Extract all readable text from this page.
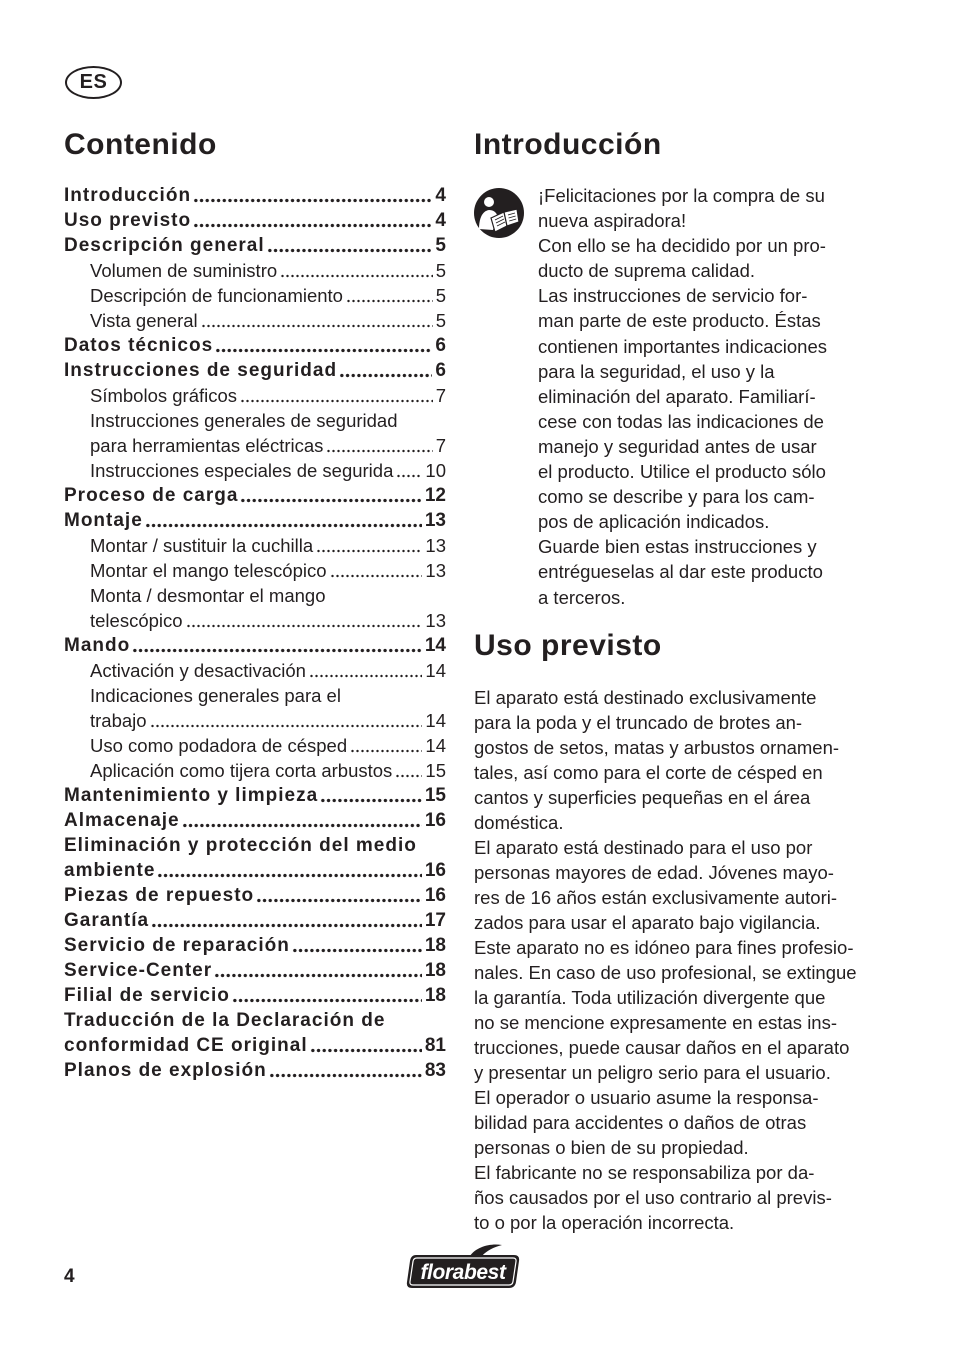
ES
Contenido
Introducción	4
Uso previsto	4
Descripción general	5
Volumen de suministro	5
Descripción de funcionamiento	5
Vista general	5
Datos técnicos	6
Instrucciones de seguridad	6
Símbolos gráficos	7
Instrucciones generales de seguridad
para herramientas eléctricas	7
Instrucciones especiales de segurida 10
Proceso de carga	12
Montaje	13
Montar / sustituir la cuchilla	13
Montar el mango telescópico	13
Monta / desmontar el mango
telescópico	13
Mando	14
Activación y desactivación	14
Indicaciones generales para el
trabajo	14
Uso como podadora de césped	14
Aplicación como tijera corta arbustos 15
Mantenimiento y limpieza	15
Almacenaje	16
Eliminación y protección del medio
ambiente	16
Piezas de repuesto	16
Garantía	17
Servicio de reparación	18
Service-Center	18
Filial de servicio	18
Traducción de la Declaración de
conformidad CE original	81
Planos de explosión	83
Introducción
¡Felicitaciones por la compra de su
nueva aspiradora!
Con ello se ha decidido por un pro-
ducto de suprema calidad.
Las instrucciones de servicio for-
man parte de este producto. Éstas
contienen importantes indicaciones
para la seguridad, el uso y la
eliminación del aparato. Familiarí-
cese con todas las indicaciones de
manejo y seguridad antes de usar
el producto. Utilice el producto sólo
como se describe y para los cam-
pos de aplicación indicados.
Guarde bien estas instrucciones y
entrégueselas al dar este producto
a terceros.
Uso previsto
El aparato está destinado exclusivamente
para la poda y el truncado de brotes an-
gostos de setos, matas y arbustos ornamen-
tales, así como para el corte de césped en
cantos y superficies pequeñas en el área
doméstica.
El aparato está destinado para el uso por
personas mayores de edad. Jóvenes mayo-
res de 16 años están exclusivamente autori-
zados para usar el aparato bajo vigilancia.
Este aparato no es idóneo para fines profesio-
nales. En caso de uso profesional, se extingue
la garantía. Toda utilización divergente que
no se mencione expresamente en estas ins-
trucciones, puede causar daños en el aparato
y presentar un peligro serio para el usuario.
El operador o usuario asume la responsa-
bilidad para accidentes o daños de otras
personas o bien de su propiedad.
El fabricante no se responsabiliza por da-
ños causados por el uso contrario al previs-
to o por la operación incorrecta.
4	florabest
